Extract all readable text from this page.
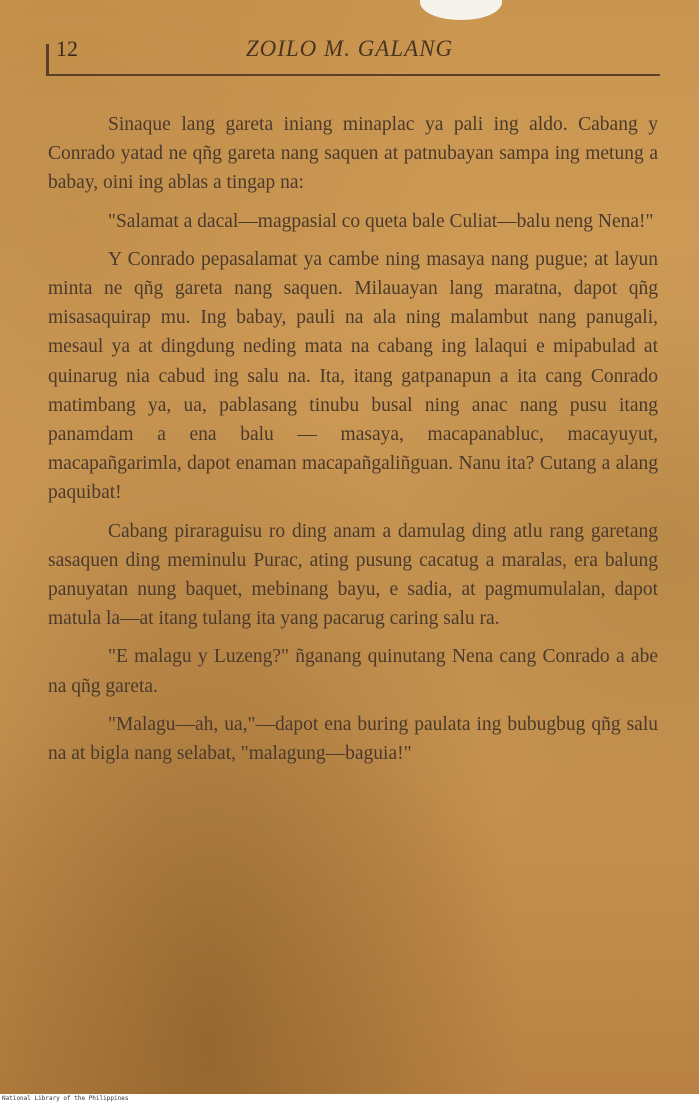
12	ZOILO M. GALANG

Sinaque lang gareta iniang minaplac ya pali ing aldo. Cabang y Conrado yatad ne qñg gareta nang saquen at patnubayan sampa ing metung a babay, oini ing ablas a tingap na:

"Salamat a dacal—magpasial co queta bale Culiat—balu neng Nena!"

Y Conrado pepasalamat ya cambe ning masaya nang pugue; at layun minta ne qñg gareta nang saquen. Milauayan lang maratna, dapot qñg misasaquirap mu. Ing babay, pauli na ala ning malambut nang panugali, mesaul ya at dingdung neding mata na cabang ing lalaqui e mipabulad at quinarug nia cabud ing salu na. Ita, itang gatpanapun a ita cang Conrado matimbang ya, ua, pablasang tinubu busal ning anac nang pusu itang panamdam a ena balu — masaya, macapanabluc, macayuyut, macapañgarimla, dapot enaman macapañgaliñguan. Nanu ita? Cutang a alang paquibat!

Cabang piraraguisu ro ding anam a damulag ding atlu rang garetang sasaquen ding meminulu Purac, ating pusung cacatug a maralas, era balung panuyatan nung baquet, mebinang bayu, e sadia, at pagmumulalan, dapot matula la—at itang tulang ita yang pacarug caring salu ra.

"E malagu y Luzeng?" ñganang quinutang Nena cang Conrado a abe na qñg gareta.

"Malagu—ah, ua,"—dapot ena buring paulata ing bubugbug qñg salu na at bigla nang selabat, "malagung—baguia!"

National Library of the Philippines
